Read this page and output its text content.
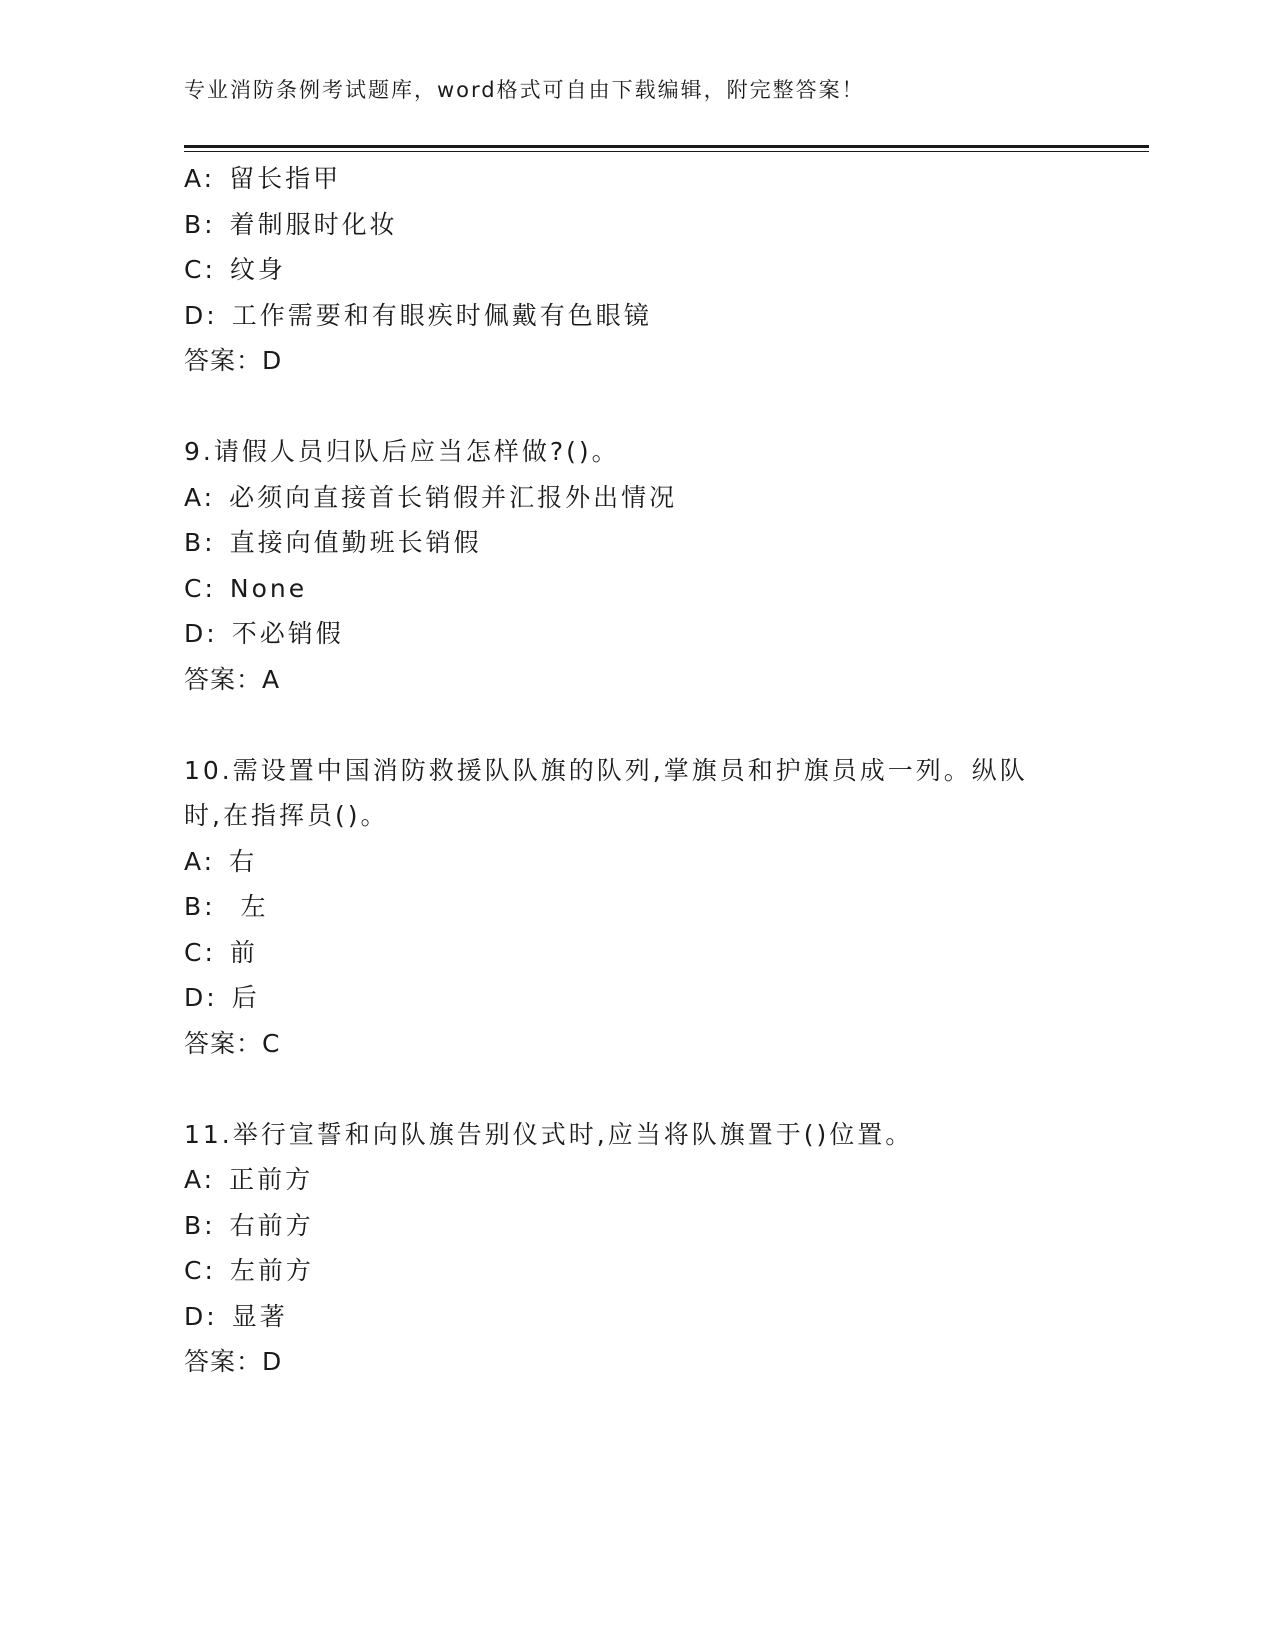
专业消防条例考试题库，word格式可自由下载编辑，附完整答案！
A: 留长指甲
B: 着制服时化妆
C: 纹身
D: 工作需要和有眼疾时佩戴有色眼镜
答案：D
9.请假人员归队后应当怎样做?()。
A: 必须向直接首长销假并汇报外出情况
B: 直接向值勤班长销假
C: None
D: 不必销假
答案：A
10.需设置中国消防救援队队旗的队列,掌旗员和护旗员成一列。纵队时,在指挥员()。
A: 右
B: 左
C: 前
D: 后
答案：C
11.举行宣誓和向队旗告别仪式时,应当将队旗置于()位置。
A: 正前方
B: 右前方
C: 左前方
D: 显著
答案：D
